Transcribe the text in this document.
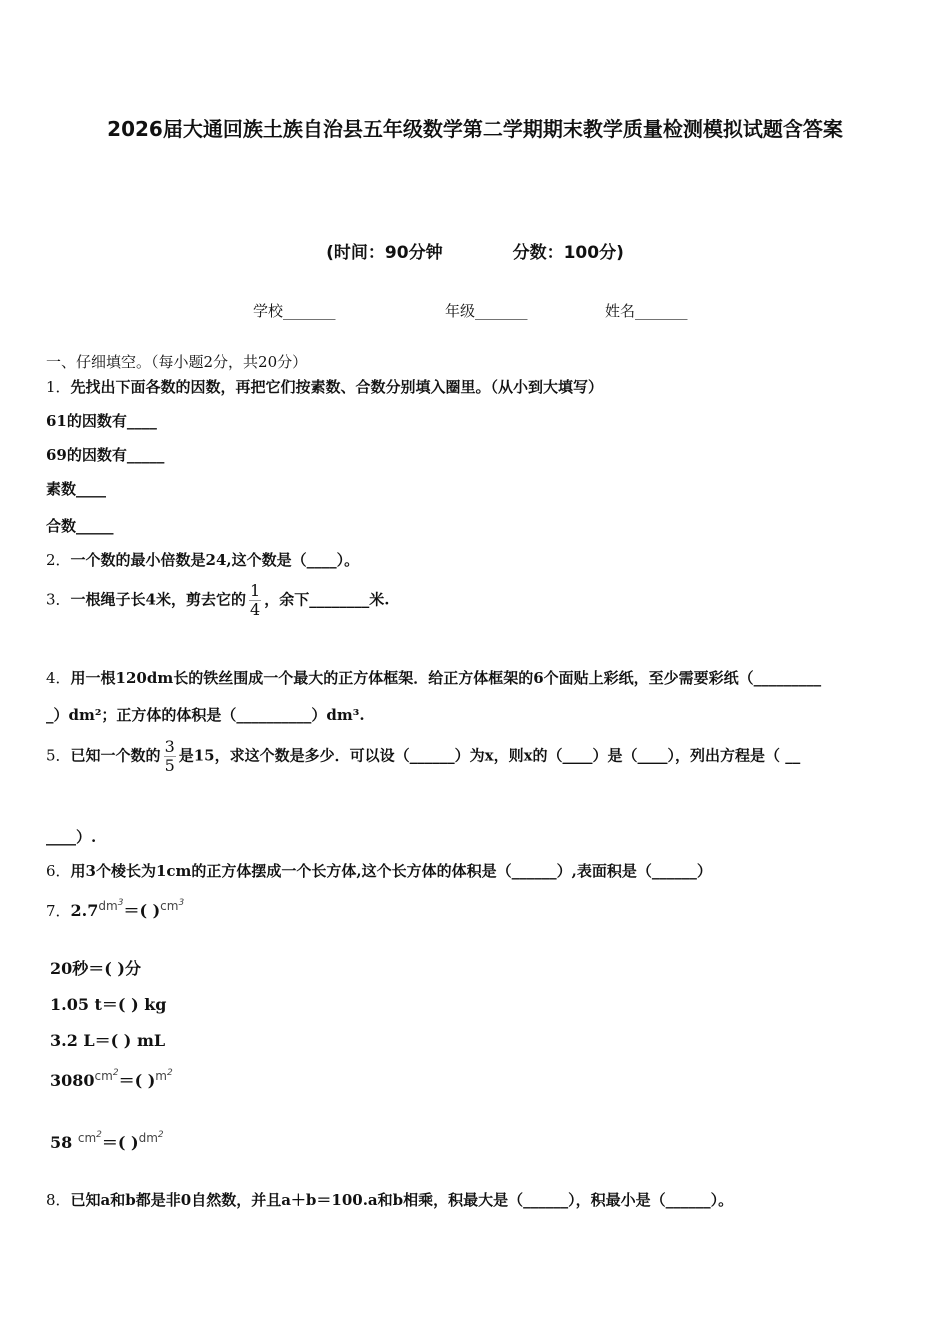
2026届大通回族土族自治县五年级数学第二学期期末教学质量检测模拟试题含答案
(时间：90分钟	分数：100分)
学校_______	年级_______	姓名_______
一、仔细填空。（每小题2分，共20分）
1．先找出下面各数的因数，再把它们按素数、合数分别填入圈里。（从小到大填写）
61的因数有____
69的因数有_____
素数____
合数_____
2．一个数的最小倍数是24,这个数是（____）。
3．一根绳子长4米，剪去它的 $\frac{1}{4}$ ，余下________米.
4．用一根120dm长的铁丝围成一个最大的正方体框架．给正方体框架的6个面贴上彩纸，至少需要彩纸（_________
_）dm²；正方体的体积是（__________）dm³.
5．已知一个数的 $\frac{3}{5}$ 是15，求这个数是多少．可以设（______）为x，则x的（____）是（____），列出方程是（ __
____）.
6．用3个棱长为1cm的正方体摆成一个长方体,这个长方体的体积是（______）,表面积是（______）
7．$2.7^{dm^3}=$( )$^{cm^3}$
20秒＝( )分
1.05 t＝( ) kg
3.2 L＝( ) mL
$3080^{cm^2}=$( )$^{m^2}$
58 $^{cm^2}$＝( )$^{dm^2}$
8．已知a和b都是非0自然数，并且a＋b＝100.a和b相乘，积最大是（______），积最小是（______）。
